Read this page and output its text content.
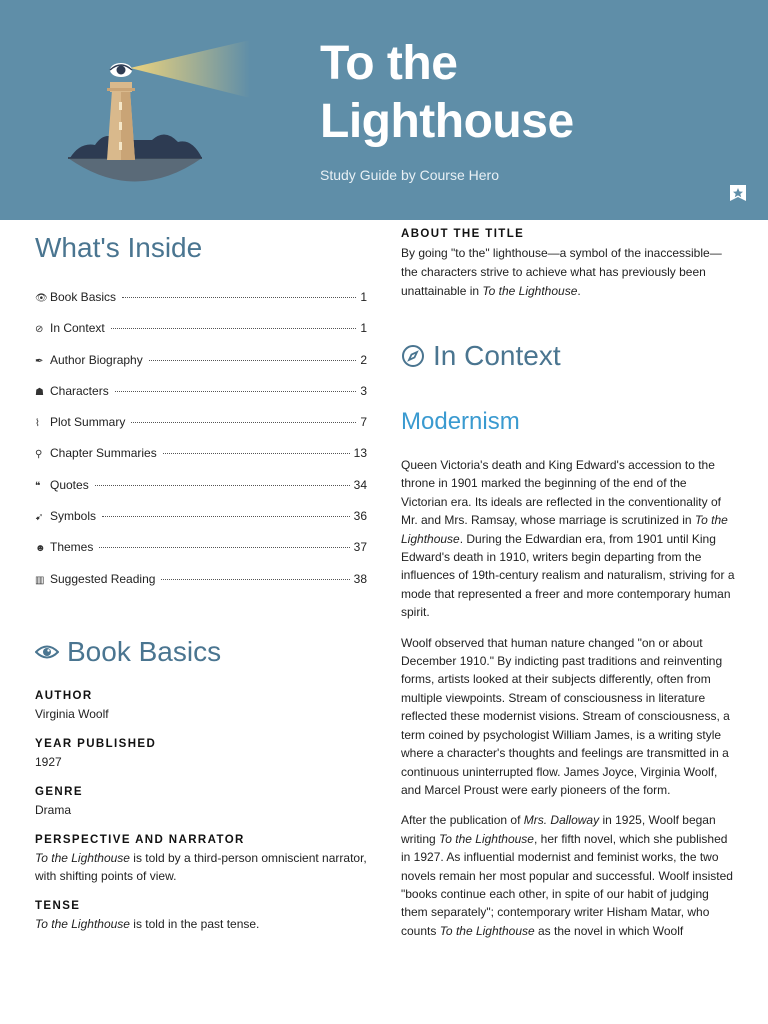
To the
Lighthouse
Study Guide by Course Hero
What's Inside
👁 Book Basics	1
⊘ In Context	1
✒ Author Biography	2
☗ Characters	3
⌇ Plot Summary	7
⚲ Chapter Summaries	13
❝ Quotes	34
➹ Symbols	36
☻ Themes	37
▥ Suggested Reading	38
Book Basics

AUTHOR

Virginia Woolf

YEAR PUBLISHED

1927

GENRE

Drama

PERSPECTIVE AND NARRATOR

To the Lighthouse is told by a third-person omniscient narrator, with shifting points of view.

TENSE

To the Lighthouse is told in the past tense.

ABOUT THE TITLE

By going "to the" lighthouse—a symbol of the inaccessible—the characters strive to achieve what has previously been unattainable in To the Lighthouse.

In Context
Modernism

Queen Victoria's death and King Edward's accession to the throne in 1901 marked the beginning of the end of the Victorian era. Its ideals are reflected in the conventionality of Mr. and Mrs. Ramsay, whose marriage is scrutinized in To the Lighthouse. During the Edwardian era, from 1901 until King Edward's death in 1910, writers begin departing from the influences of 19th-century realism and naturalism, striving for a mode that represented a freer and more contemporary human spirit.

Woolf observed that human nature changed "on or about December 1910." By indicting past traditions and reinventing forms, artists looked at their subjects differently, often from multiple viewpoints. Stream of consciousness in literature reflected these modernist visions. Stream of consciousness, a term coined by psychologist William James, is a writing style where a character's thoughts and feelings are transmitted in a continuous uninterrupted flow. James Joyce, Virginia Woolf, and Marcel Proust were early pioneers of the form.

After the publication of Mrs. Dalloway in 1925, Woolf began writing To the Lighthouse, her fifth novel, which she published in 1927. As influential modernist and feminist works, the two novels remain her most popular and successful. Woolf insisted "books continue each other, in spite of our habit of judging them separately"; contemporary writer Hisham Matar, who counts To the Lighthouse as the novel in which Woolf
